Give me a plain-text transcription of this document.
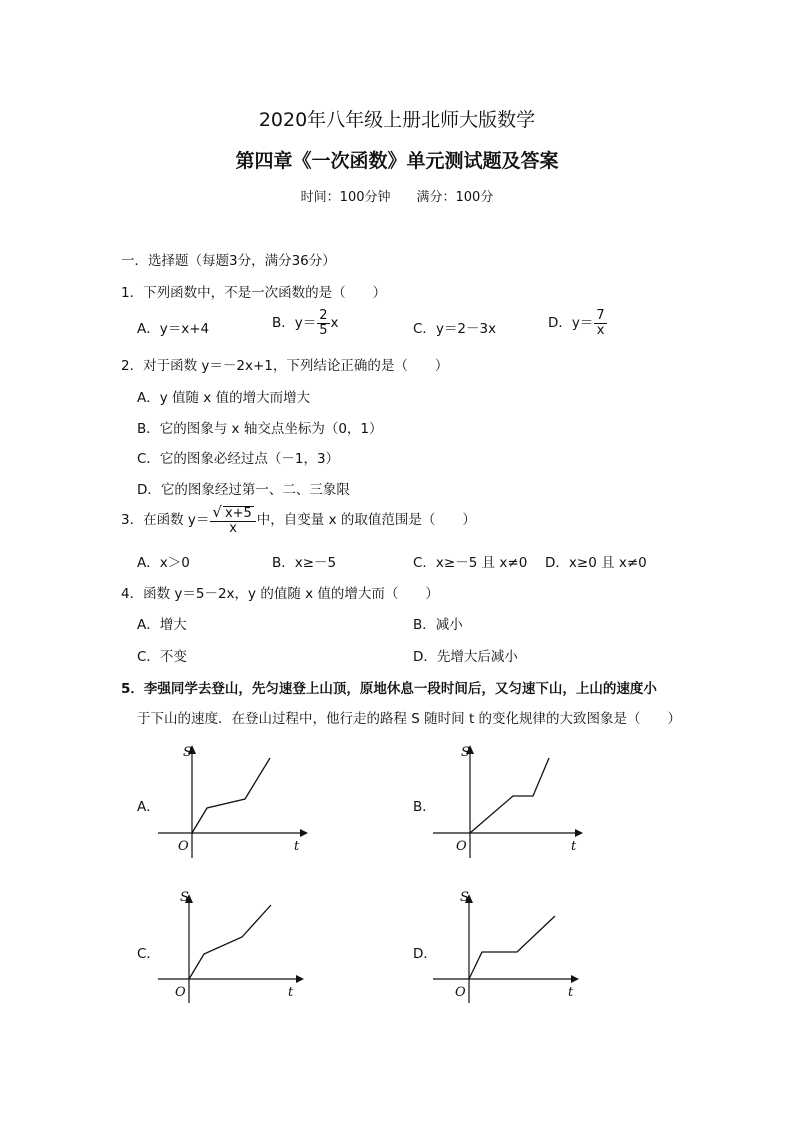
2020年八年级上册北师大版数学
第四章《一次函数》单元测试题及答案
时间：100分钟 满分：100分
一．选择题（每题3分，满分36分）
1．下列函数中，不是一次函数的是（　　）
A．y＝x+4	B．$y= \frac{2}{5}$ x	C．y＝2－3x	D．$y= \frac{7}{x}$
2．对于函数 y＝－2x+1，下列结论正确的是（　　）
A．y 值随 x 值的增大而增大
B．它的图象与 x 轴交点坐标为（0，1）
C．它的图象必经过点（－1，3）
D．它的图象经过第一、二、三象限
3．在函数 $y= \frac{√ x+5}{x}$ 中，自变量 x 的取值范围是（　　）
A．x＞0	B．x≥－5	C．x≥－5 且 x≠0 D．x≥0 且 x≠0
4．函数 y＝5－2x，y 的值随 x 值的增大而（　　）
A．增大	B．减小
C．不变	D．先增大后减小
5．李强同学去登山，先匀速登上山顶，原地休息一段时间后，又匀速下山，上山的速度小
于下山的速度．在登山过程中，他行走的路程 S 随时间 t 的变化规律的大致图象是（　　）
A．
S
O	t
B．
S
O	t
C．
S
O	t
D．
S
O	t
